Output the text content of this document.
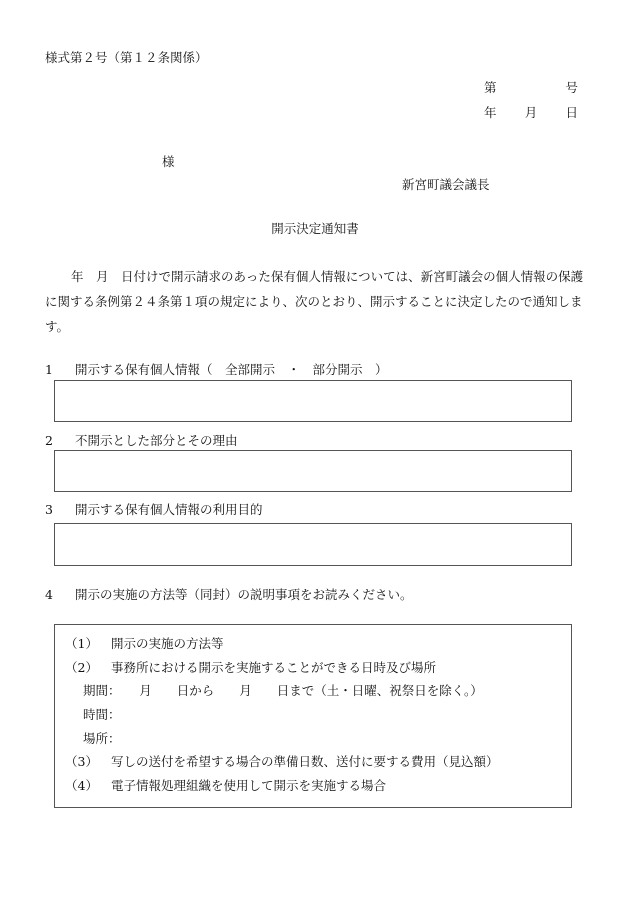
様式第２号（第１２条関係）
第	号
年 月 日
様
新宮町議会議長
開示決定通知書

年　月　日付けで開示請求のあった保有個人情報については、新宮町議会の個人情報の保護に関する条例第２４条第１項の規定により、次のとおり、開示することに決定したので通知します。

1 開示する保有個人情報（　全部開示　・　部分開示　）
2 不開示とした部分とその理由
3 開示する保有個人情報の利用目的
4 開示の実施の方法等（同封）の説明事項をお読みください。
（1） 開示の実施の方法等
（2） 事務所における開示を実施することができる日時及び場所
期間：　　月　　日から　　月　　日まで（土・日曜、祝祭日を除く。）
時間：
場所：
（3） 写しの送付を希望する場合の準備日数、送付に要する費用（見込額）
（4） 電子情報処理組織を使用して開示を実施する場合
